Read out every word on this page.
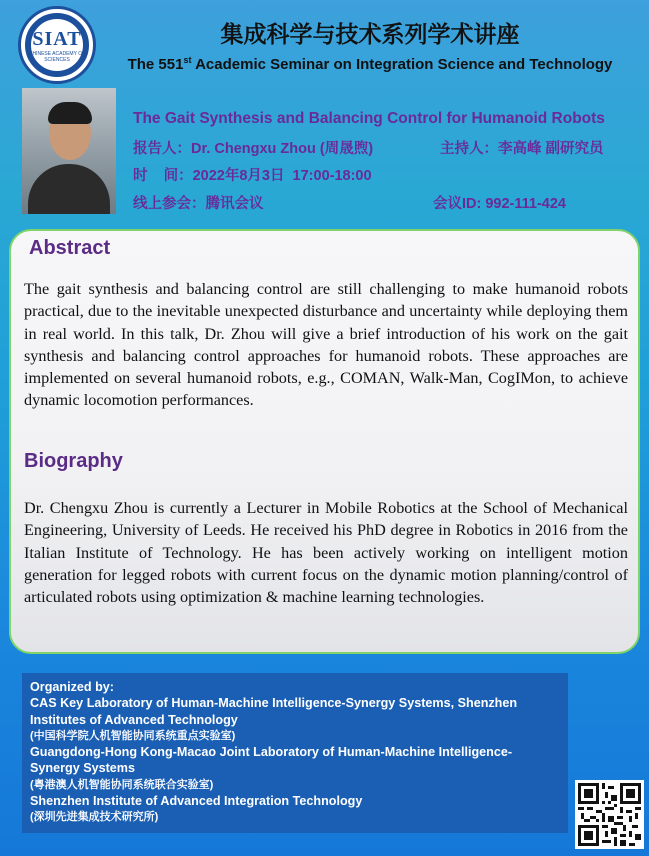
SIAT
CHINESE ACADEMY OF SCIENCES
集成科学与技术系列学术讲座
The 551st Academic Seminar on Integration Science and Technology
The Gait Synthesis and Balancing Control for Humanoid Robots
报告人：Dr. Chengxu Zhou (周晟煦)	主持人：李高峰 副研究员
时    间：2022年8月3日  17:00-18:00
线上参会：腾讯会议	会议ID: 992-111-424
Abstract
The gait synthesis and balancing control are still challenging to make humanoid robots practical, due to the inevitable unexpected disturbance and uncertainty while deploying them in real world. In this talk, Dr. Zhou will give a brief introduction of his work on the gait synthesis and balancing control approaches for humanoid robots. These approaches are implemented on several humanoid robots, e.g., COMAN, Walk-Man, CogIMon, to achieve dynamic locomotion performances.
Biography
Dr. Chengxu Zhou is currently a Lecturer in Mobile Robotics at the School of Mechanical Engineering, University of Leeds. He received his PhD degree in Robotics in 2016 from the Italian Institute of Technology. He has been actively working on intelligent motion generation for legged robots with current focus on the dynamic motion planning/control of articulated robots using optimization & machine learning technologies.
Organized by:
CAS Key Laboratory of Human-Machine Intelligence-Synergy Systems, Shenzhen Institutes of Advanced Technology
(中国科学院人机智能协同系统重点实验室)
Guangdong-Hong Kong-Macao Joint Laboratory of Human-Machine Intelligence-Synergy Systems
(粤港澳人机智能协同系统联合实验室)
Shenzhen Institute of Advanced Integration Technology
(深圳先进集成技术研究所)
